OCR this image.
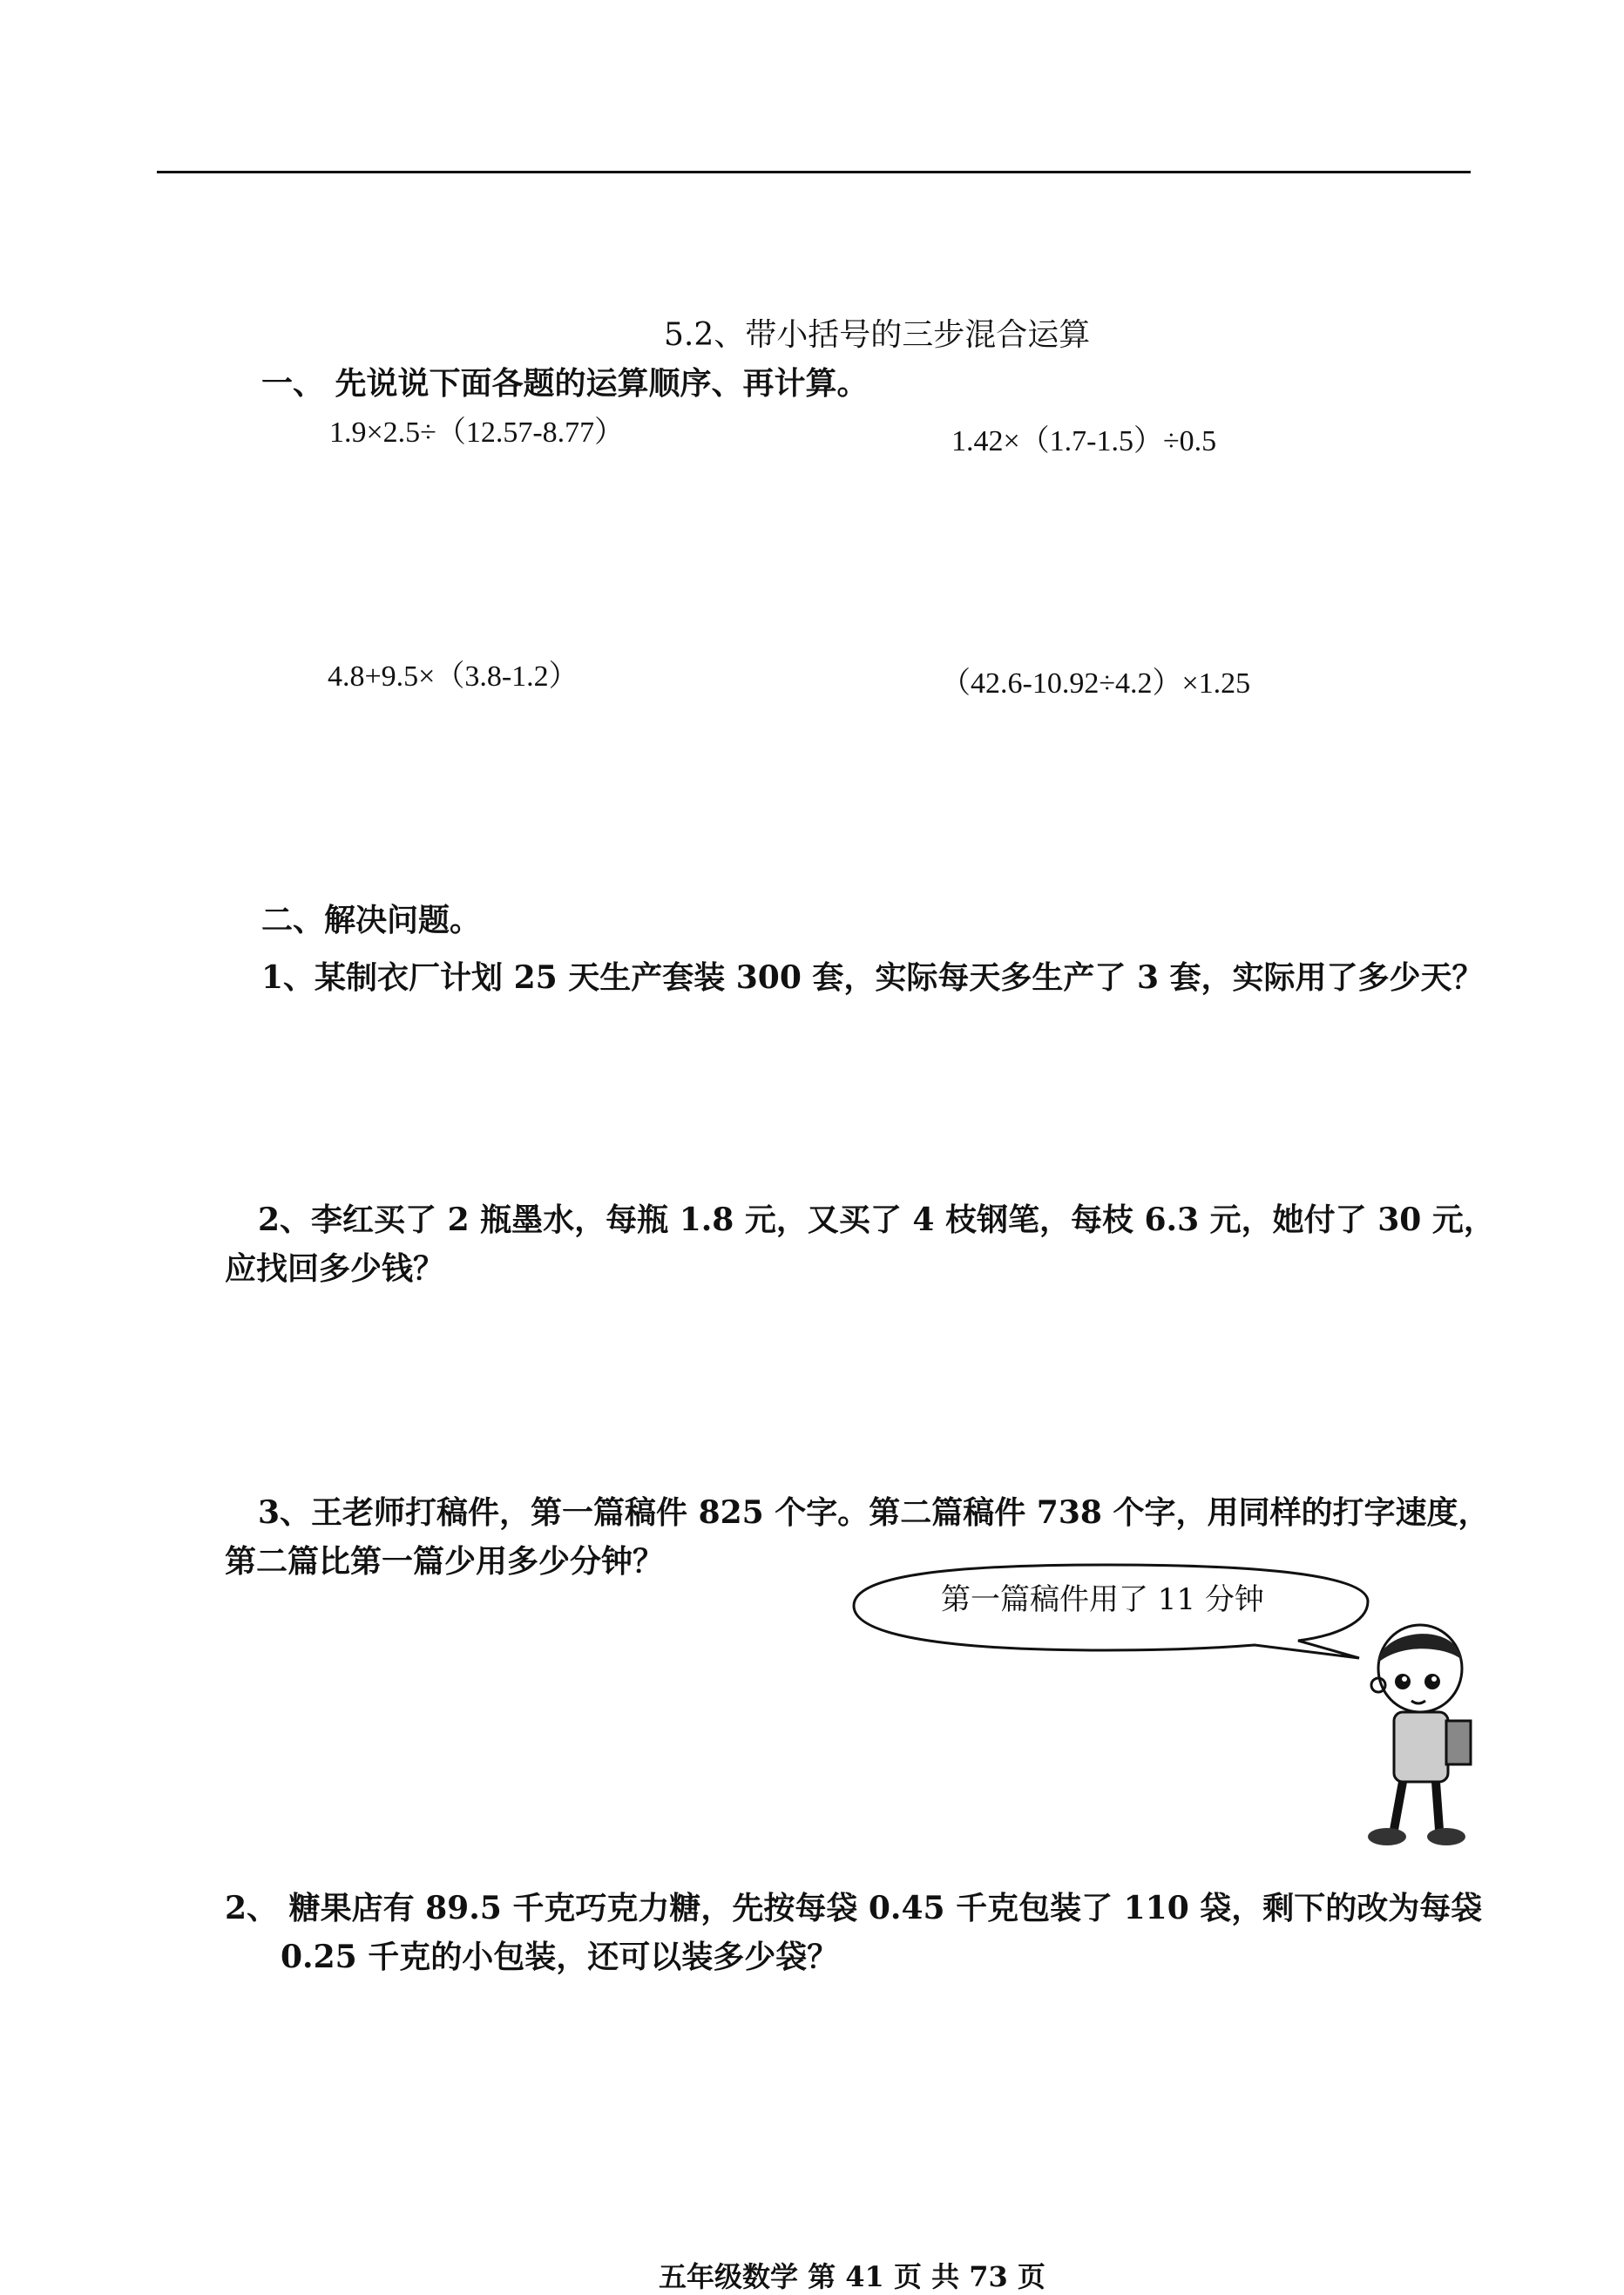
5.2、带小括号的三步混合运算
一、 先说说下面各题的运算顺序、再计算。
1.9×2.5÷（12.57-8.77）	1.42×（1.7-1.5）÷0.5
4.8+9.5×（3.8-1.2）	（42.6-10.92÷4.2）×1.25
二、解决问题。
1、某制衣厂计划 25 天生产套装 300 套，实际每天多生产了 3 套，实际用了多少天？
2、李红买了 2 瓶墨水，每瓶 1.8 元，又买了 4 枝钢笔，每枝 6.3 元，她付了 30 元，
应找回多少钱？
3、王老师打稿件，第一篇稿件 825 个字。第二篇稿件 738 个字，用同样的打字速度，
第二篇比第一篇少用多少分钟？
第一篇稿件用了 11 分钟
2、 糖果店有 89.5 千克巧克力糖，先按每袋 0.45 千克包装了 110 袋，剩下的改为每袋
0.25 千克的小包装，还可以装多少袋？
五年级数学 第 41 页 共 73 页
